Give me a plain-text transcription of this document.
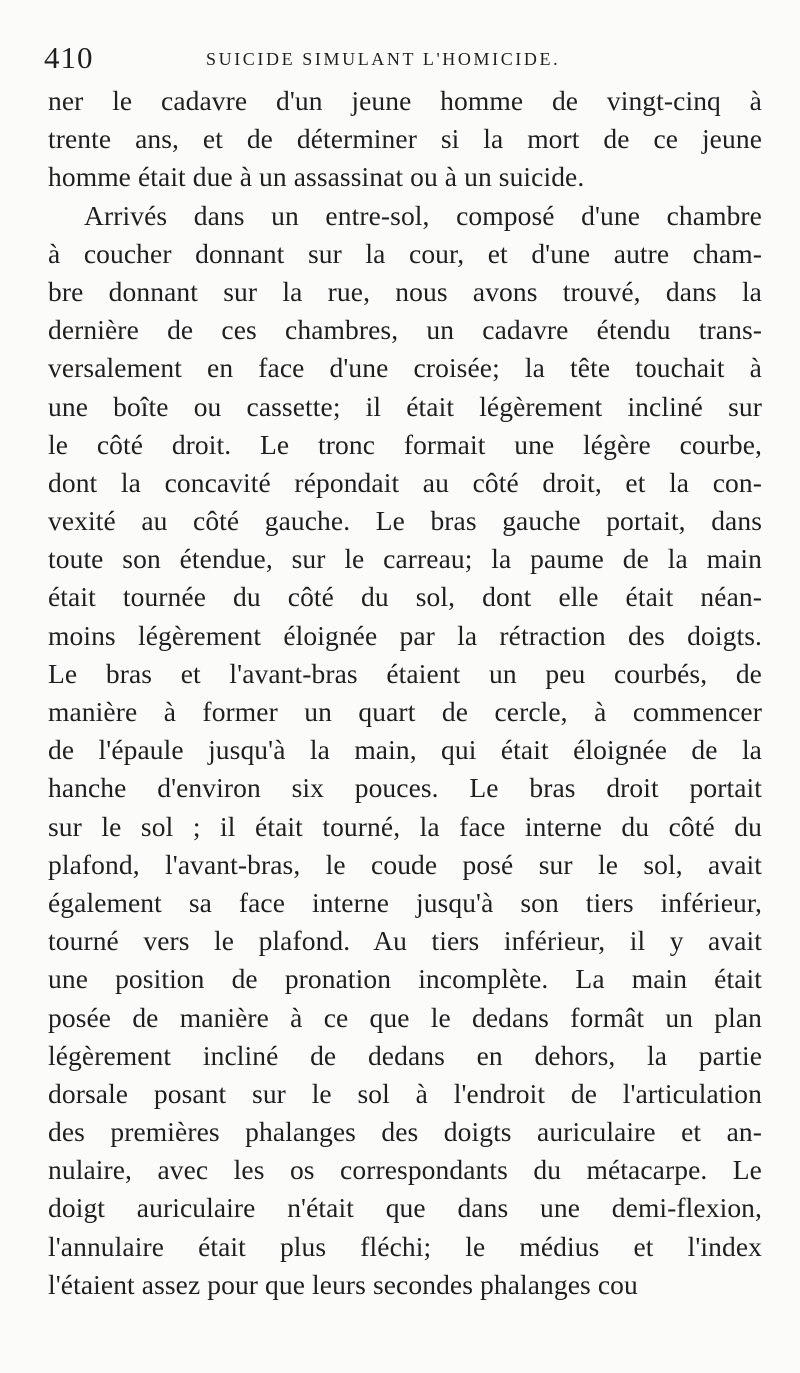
410	SUICIDE SIMULANT L'HOMICIDE.
ner le cadavre d'un jeune homme de vingt-cinq à
trente ans, et de déterminer si la mort de ce jeune
homme était due à un assassinat ou à un suicide.
Arrivés dans un entre-sol, composé d'une chambre
à coucher donnant sur la cour, et d'une autre cham-
bre donnant sur la rue, nous avons trouvé, dans la
dernière de ces chambres, un cadavre étendu trans-
versalement en face d'une croisée; la tête touchait à
une boîte ou cassette; il était légèrement incliné sur
le côté droit. Le tronc formait une légère courbe,
dont la concavité répondait au côté droit, et la con-
vexité au côté gauche. Le bras gauche portait, dans
toute son étendue, sur le carreau; la paume de la main
était tournée du côté du sol, dont elle était néan-
moins légèrement éloignée par la rétraction des doigts.
Le bras et l'avant-bras étaient un peu courbés, de
manière à former un quart de cercle, à commencer
de l'épaule jusqu'à la main, qui était éloignée de la
hanche d'environ six pouces. Le bras droit portait
sur le sol ; il était tourné, la face interne du côté du
plafond, l'avant-bras, le coude posé sur le sol, avait
également sa face interne jusqu'à son tiers inférieur,
tourné vers le plafond. Au tiers inférieur, il y avait
une position de pronation incomplète. La main était
posée de manière à ce que le dedans formât un plan
légèrement incliné de dedans en dehors, la partie
dorsale posant sur le sol à l'endroit de l'articulation
des premières phalanges des doigts auriculaire et an-
nulaire, avec les os correspondants du métacarpe. Le
doigt auriculaire n'était que dans une demi-flexion,
l'annulaire était plus fléchi; le médius et l'index
l'étaient assez pour que leurs secondes phalanges cou
